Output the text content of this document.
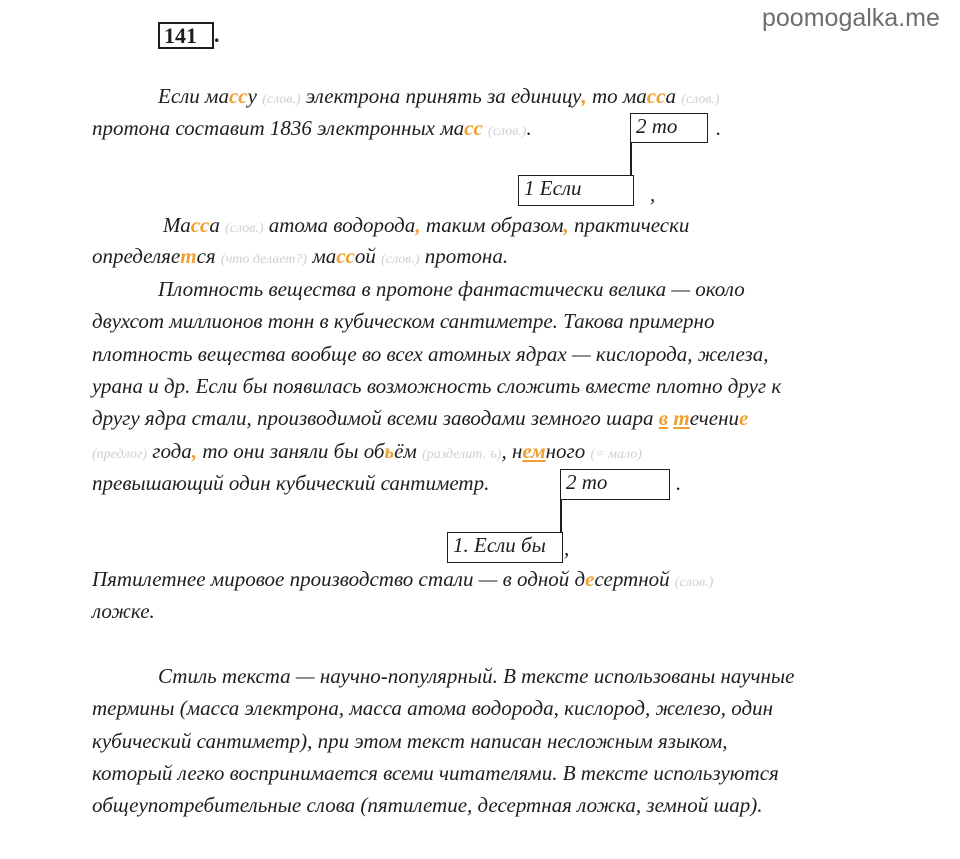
poomogalka.me
141 .
Если массу (слов.) электрона принять за единицу, то масса (слов.)
протона составит 1836 электронных масс (слов.).	2 то	.
1 Если	,
Масса (слов.) атома водорода, таким образом, практически
определяется (что делает?) массой (слов.) протона.
Плотность вещества в протоне фантастически велика — около
двухсот миллионов тонн в кубическом сантиметре. Такова примерно
плотность вещества вообще во всех атомных ядрах — кислорода, железа,
урана и др. Если бы появилась возможность сложить вместе плотно друг к
другу ядра стали, производимой всеми заводами земного шара в течение
(предлог) года, то они заняли бы обьём (разделит. ъ), немного (= мало)
превышающий один кубический сантиметр.	2 то	.
1. Если бы ,
Пятилетнее мировое производство стали — в одной десертной (слов.)
ложке.
Стиль текста — научно-популярный. В тексте использованы научные
термины (масса электрона, масса атома водорода, кислород, железо, один
кубический сантиметр), при этом текст написан несложным языком,
который легко воспринимается всеми читателями. В тексте используются
общеупотребительные слова (пятилетие, десертная ложка, земной шар).
